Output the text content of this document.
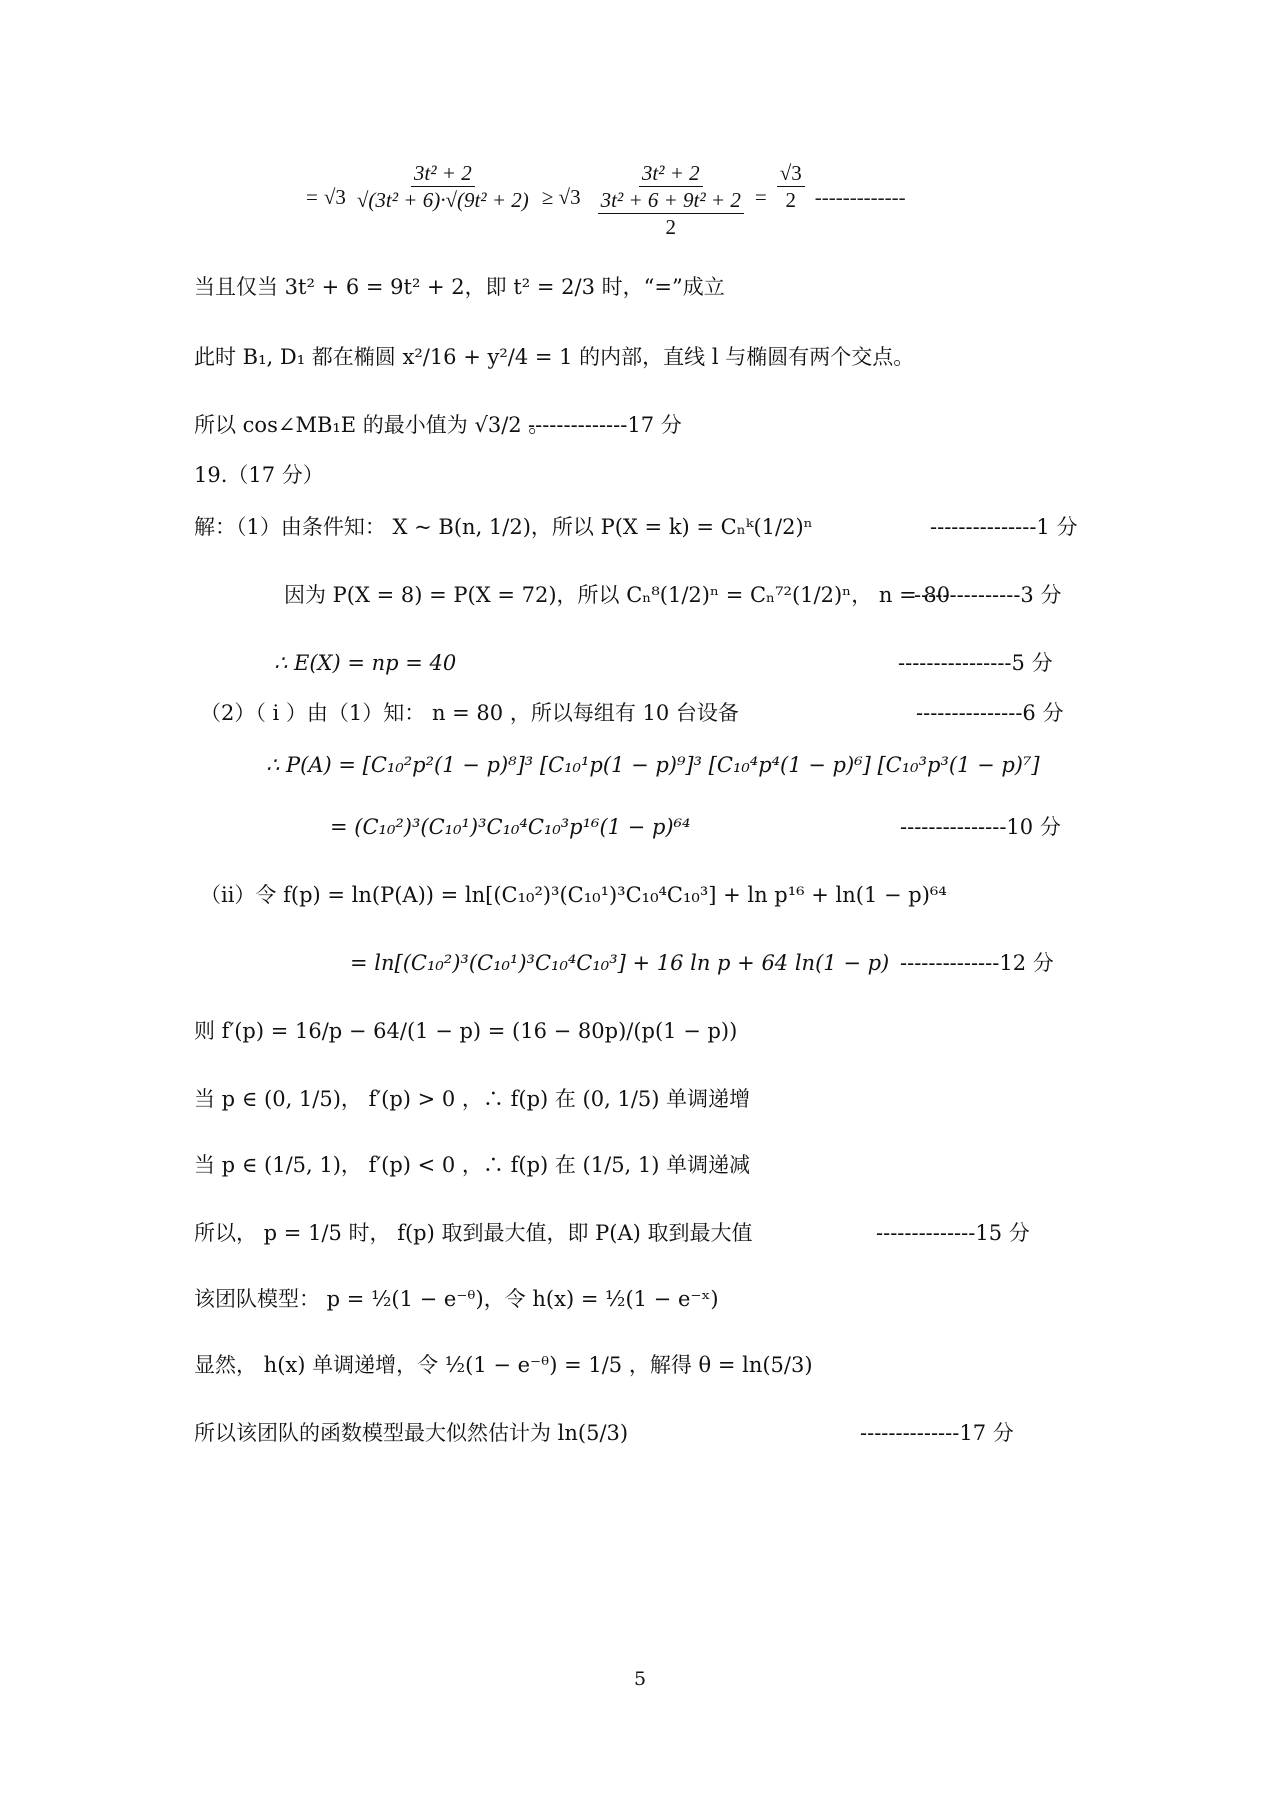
= $√3 \frac{\text{3t² + 2}}{\text{√(3t² + 6)·√(9t² + 2)}} \ge √3$ 3t² + 2
3t² + 6 + 9t² + 2
$2 = \frac{√3}{2}$ -------------
当且仅当 3t² + 6 = 9t² + 2，即 t² = 2/3 时，“=”成立
此时 B₁, D₁ 都在椭圆 x²/16 + y²/4 = 1 的内部，直线 l 与椭圆有两个交点。
所以 cos∠MB₁E 的最小值为 √3/2 。
--------------17 分
19.（17 分）
解：（1）由条件知： X ~ B(n, 1/2)，所以 P(X = k) = Cₙᵏ(1/2)ⁿ	---------------1 分
因为 P(X = 8) = P(X = 72)，所以 Cₙ⁸(1/2)ⁿ = Cₙ⁷²(1/2)ⁿ， n = 80
---------------3 分
∴ E(X) = np = 40	----------------5 分
（2）（ i ）由（1）知： n = 80 ，所以每组有 10 台设备	---------------6 分
∴ P(A) = [C₁₀²p²(1 − p)⁸]³ [C₁₀¹p(1 − p)⁹]³ [C₁₀⁴p⁴(1 − p)⁶] [C₁₀³p³(1 − p)⁷]
= (C₁₀²)³(C₁₀¹)³C₁₀⁴C₁₀³p¹⁶(1 − p)⁶⁴	---------------10 分
（ii）令 f(p) = ln(P(A)) = ln[(C₁₀²)³(C₁₀¹)³C₁₀⁴C₁₀³] + ln p¹⁶ + ln(1 − p)⁶⁴
= ln[(C₁₀²)³(C₁₀¹)³C₁₀⁴C₁₀³] + 16 ln p + 64 ln(1 − p) --------------12 分
则 f′(p) = 16/p − 64/(1 − p) = (16 − 80p)/(p(1 − p))
当 p ∈ (0, 1/5)， f′(p) > 0 ，∴ f(p) 在 (0, 1/5) 单调递增
当 p ∈ (1/5, 1)， f′(p) < 0 ，∴ f(p) 在 (1/5, 1) 单调递减
所以， p = 1/5 时， f(p) 取到最大值，即 P(A) 取到最大值	--------------15 分
该团队模型： p = ½(1 − e⁻ᶿ)，令 h(x) = ½(1 − e⁻ˣ)
显然， h(x) 单调递增，令 ½(1 − e⁻ᶿ) = 1/5 ，解得 θ = ln(5/3)
所以该团队的函数模型最大似然估计为 ln(5/3)	--------------17 分
5
